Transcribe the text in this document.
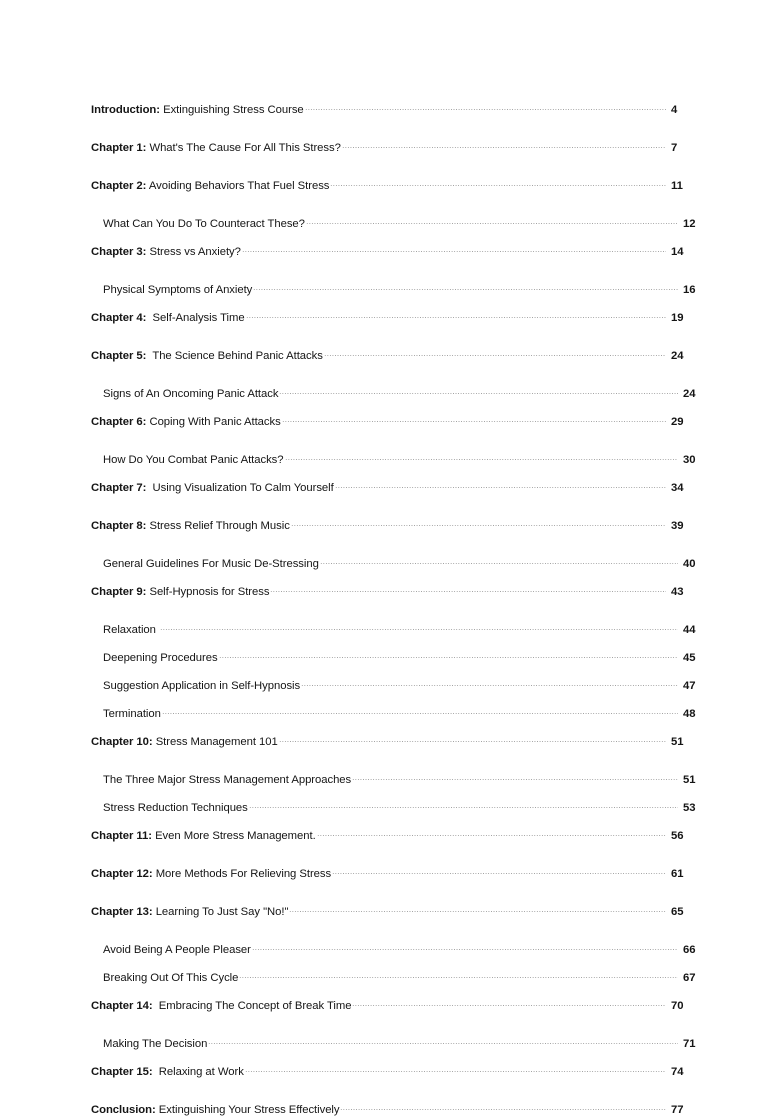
Introduction: Extinguishing Stress Course	4
Chapter 1: What's The Cause For All This Stress?	7
Chapter 2: Avoiding Behaviors That Fuel Stress	11
What Can You Do To Counteract These?	12
Chapter 3: Stress vs Anxiety?	14
Physical Symptoms of Anxiety	16
Chapter 4:  Self-Analysis Time	19
Chapter 5:  The Science Behind Panic Attacks	24
Signs of An Oncoming Panic Attack	24
Chapter 6: Coping With Panic Attacks	29
How Do You Combat Panic Attacks?	30
Chapter 7:  Using Visualization To Calm Yourself	34
Chapter 8: Stress Relief Through Music	39
General Guidelines For Music De-Stressing	40
Chapter 9: Self-Hypnosis for Stress	43
Relaxation	44
Deepening Procedures	45
Suggestion Application in Self-Hypnosis	47
Termination	48
Chapter 10: Stress Management 101	51
The Three Major Stress Management Approaches	51
Stress Reduction Techniques	53
Chapter 11: Even More Stress Management.	56
Chapter 12: More Methods For Relieving Stress	61
Chapter 13: Learning To Just Say "No!"	65
Avoid Being A People Pleaser	66
Breaking Out Of This Cycle	67
Chapter 14:  Embracing The Concept of Break Time	70
Making The Decision	71
Chapter 15:  Relaxing at Work	74
Conclusion: Extinguishing Your Stress Effectively	77
